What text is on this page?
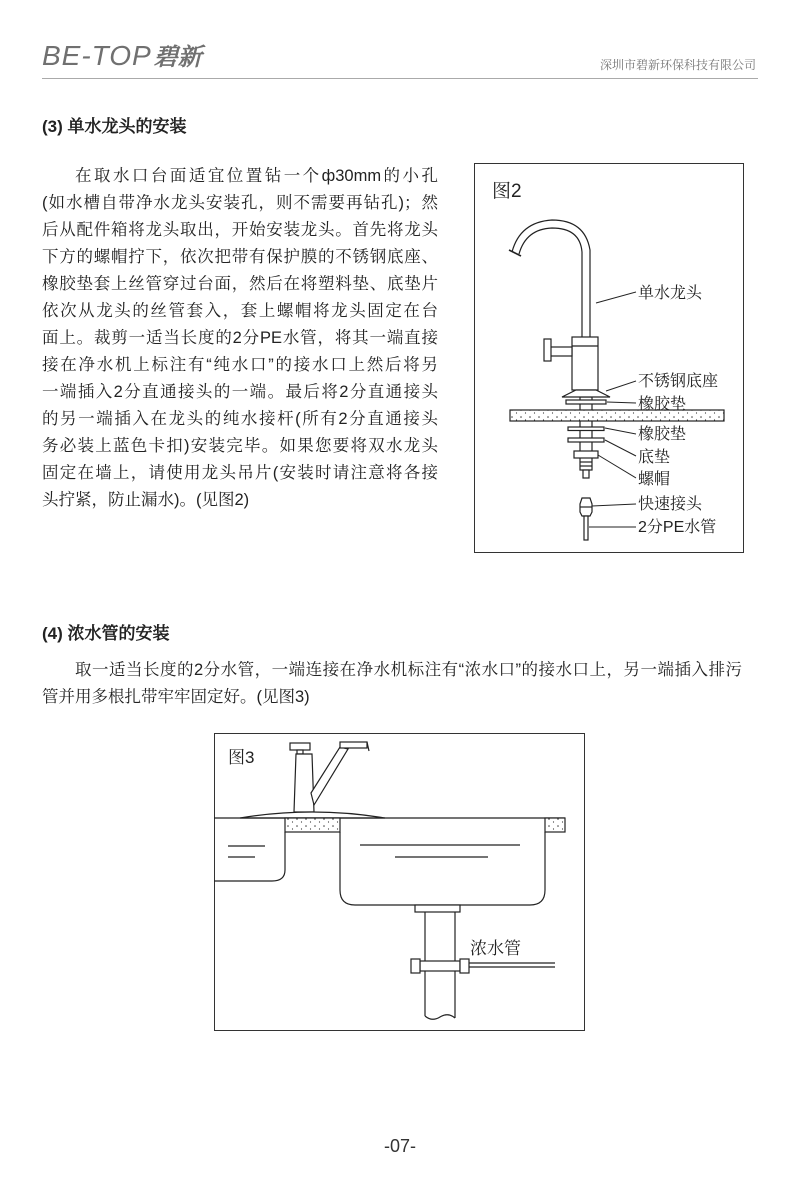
BE-TOP碧新	深圳市碧新环保科技有限公司
(3) 单水龙头的安装
在取水口台面适宜位置钻一个ф30mm的小孔
(如水槽自带净水龙头安装孔，则不需要再钻孔)；然
后从配件箱将龙头取出，开始安装龙头。首先将龙头
下方的螺帽拧下，依次把带有保护膜的不锈钢底座、
橡胶垫套上丝管穿过台面，然后在将塑料垫、底垫片
依次从龙头的丝管套入，套上螺帽将龙头固定在台
面上。裁剪一适当长度的2分PE水管，将其一端直接
接在净水机上标注有“纯水口”的接水口上然后将另
一端插入2分直通接头的一端。最后将2分直通接头
的另一端插入在龙头的纯水接杆(所有2分直通接头
务必装上蓝色卡扣)安装完毕。如果您要将双水龙头
固定在墙上，请使用龙头吊片(安装时请注意将各接
头拧紧，防止漏水)。(见图2)
图2
单水龙头
不锈钢底座
橡胶垫
橡胶垫
底垫
螺帽
快速接头
2分PE水管
(4) 浓水管的安装
取一适当长度的2分水管，一端连接在净水机标注有“浓水口”的接水口上，另一端插入排污
管并用多根扎带牢牢固定好。(见图3)
图3
浓水管
-07-
